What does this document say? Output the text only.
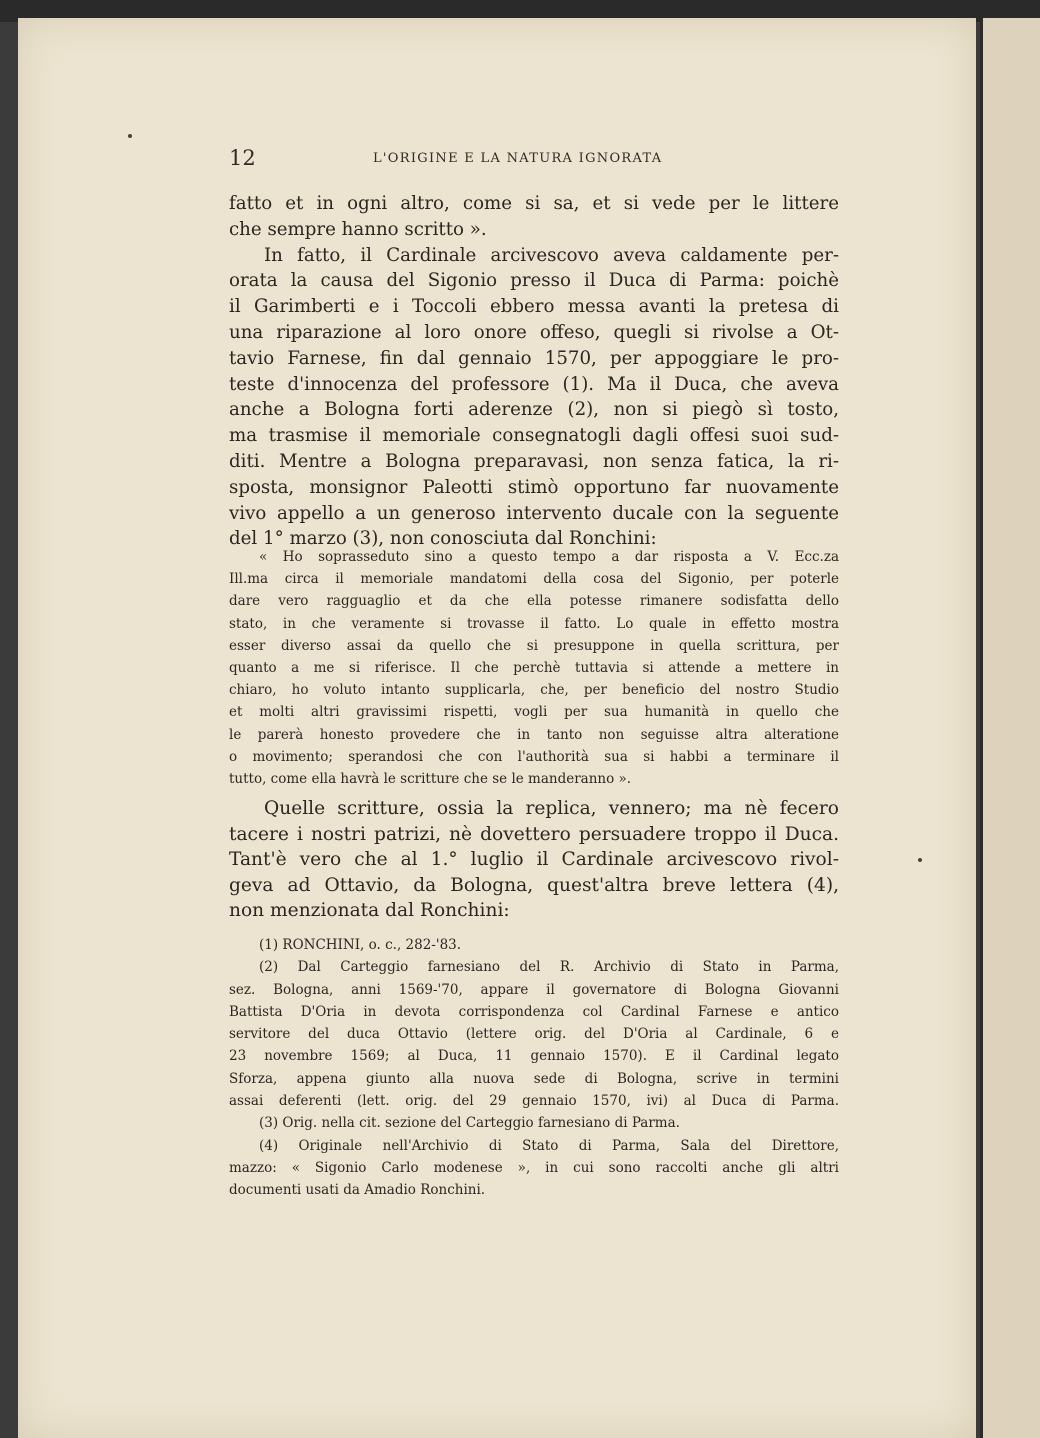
12	L'ORIGINE E LA NATURA IGNORATA
fatto et in ogni altro, come si sa, et si vede per le littere
che sempre hanno scritto ».
In fatto, il Cardinale arcivescovo aveva caldamente per-
orata la causa del Sigonio presso il Duca di Parma: poichè
il Garimberti e i Toccoli ebbero messa avanti la pretesa di
una riparazione al loro onore offeso, quegli si rivolse a Ot-
tavio Farnese, fin dal gennaio 1570, per appoggiare le pro-
teste d'innocenza del professore (1). Ma il Duca, che aveva
anche a Bologna forti aderenze (2), non si piegò sì tosto,
ma trasmise il memoriale consegnatogli dagli offesi suoi sud-
diti. Mentre a Bologna preparavasi, non senza fatica, la ri-
sposta, monsignor Paleotti stimò opportuno far nuovamente
vivo appello a un generoso intervento ducale con la seguente
del 1° marzo (3), non conosciuta dal Ronchini:
« Ho soprasseduto sino a questo tempo a dar risposta a V. Ecc.za
Ill.ma circa il memoriale mandatomi della cosa del Sigonio, per poterle
dare vero ragguaglio et da che ella potesse rimanere sodisfatta dello
stato, in che veramente si trovasse il fatto. Lo quale in effetto mostra
esser diverso assai da quello che si presuppone in quella scrittura, per
quanto a me si riferisce. Il che perchè tuttavia si attende a mettere in
chiaro, ho voluto intanto supplicarla, che, per beneficio del nostro Studio
et molti altri gravissimi rispetti, vogli per sua humanità in quello che
le parerà honesto provedere che in tanto non seguisse altra alteratione
o movimento; sperandosi che con l'authorità sua si habbi a terminare il
tutto, come ella havrà le scritture che se le manderanno ».
Quelle scritture, ossia la replica, vennero; ma nè fecero
tacere i nostri patrizi, nè dovettero persuadere troppo il Duca.
Tant'è vero che al 1.° luglio il Cardinale arcivescovo rivol-
geva ad Ottavio, da Bologna, quest'altra breve lettera (4),
non menzionata dal Ronchini:
(1) RONCHINI, o. c., 282-'83.
(2) Dal Carteggio farnesiano del R. Archivio di Stato in Parma,
sez. Bologna, anni 1569-'70, appare il governatore di Bologna Giovanni
Battista D'Oria in devota corrispondenza col Cardinal Farnese e antico
servitore del duca Ottavio (lettere orig. del D'Oria al Cardinale, 6 e
23 novembre 1569; al Duca, 11 gennaio 1570). E il Cardinal legato
Sforza, appena giunto alla nuova sede di Bologna, scrive in termini
assai deferenti (lett. orig. del 29 gennaio 1570, ivi) al Duca di Parma.
(3) Orig. nella cit. sezione del Carteggio farnesiano di Parma.
(4) Originale nell'Archivio di Stato di Parma, Sala del Direttore,
mazzo: « Sigonio Carlo modenese », in cui sono raccolti anche gli altri
documenti usati da Amadio Ronchini.
